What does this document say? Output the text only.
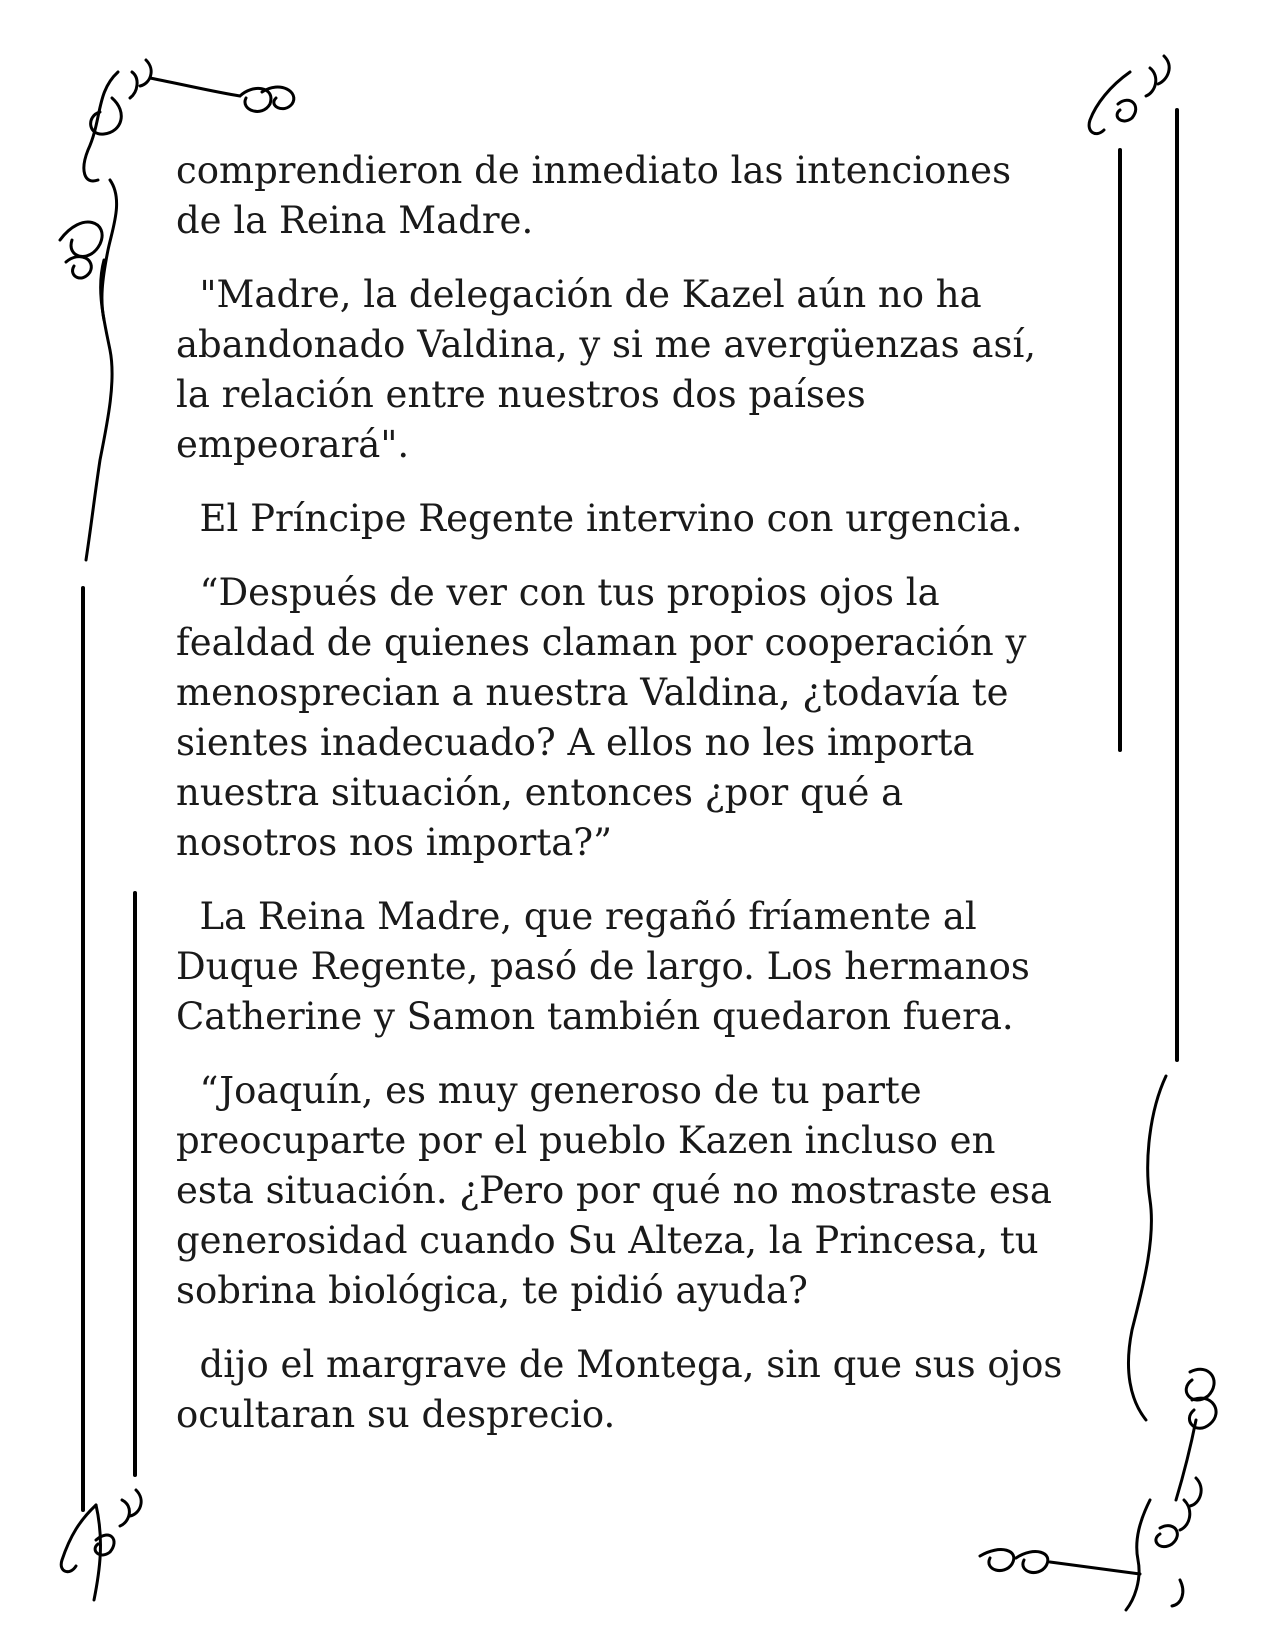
comprendieron de inmediato las intenciones
de la Reina Madre.

"Madre, la delegación de Kazel aún no ha
abandonado Valdina, y si me avergüenzas así,
la relación entre nuestros dos países
empeorará".

El Príncipe Regente intervino con urgencia.

“Después de ver con tus propios ojos la
fealdad de quienes claman por cooperación y
menosprecian a nuestra Valdina, ¿todavía te
sientes inadecuado? A ellos no les importa
nuestra situación, entonces ¿por qué a
nosotros nos importa?”

La Reina Madre, que regañó fríamente al
Duque Regente, pasó de largo. Los hermanos
Catherine y Samon también quedaron fuera.

“Joaquín, es muy generoso de tu parte
preocuparte por el pueblo Kazen incluso en
esta situación. ¿Pero por qué no mostraste esa
generosidad cuando Su Alteza, la Princesa, tu
sobrina biológica, te pidió ayuda?

dijo el margrave de Montega, sin que sus ojos
ocultaran su desprecio.
